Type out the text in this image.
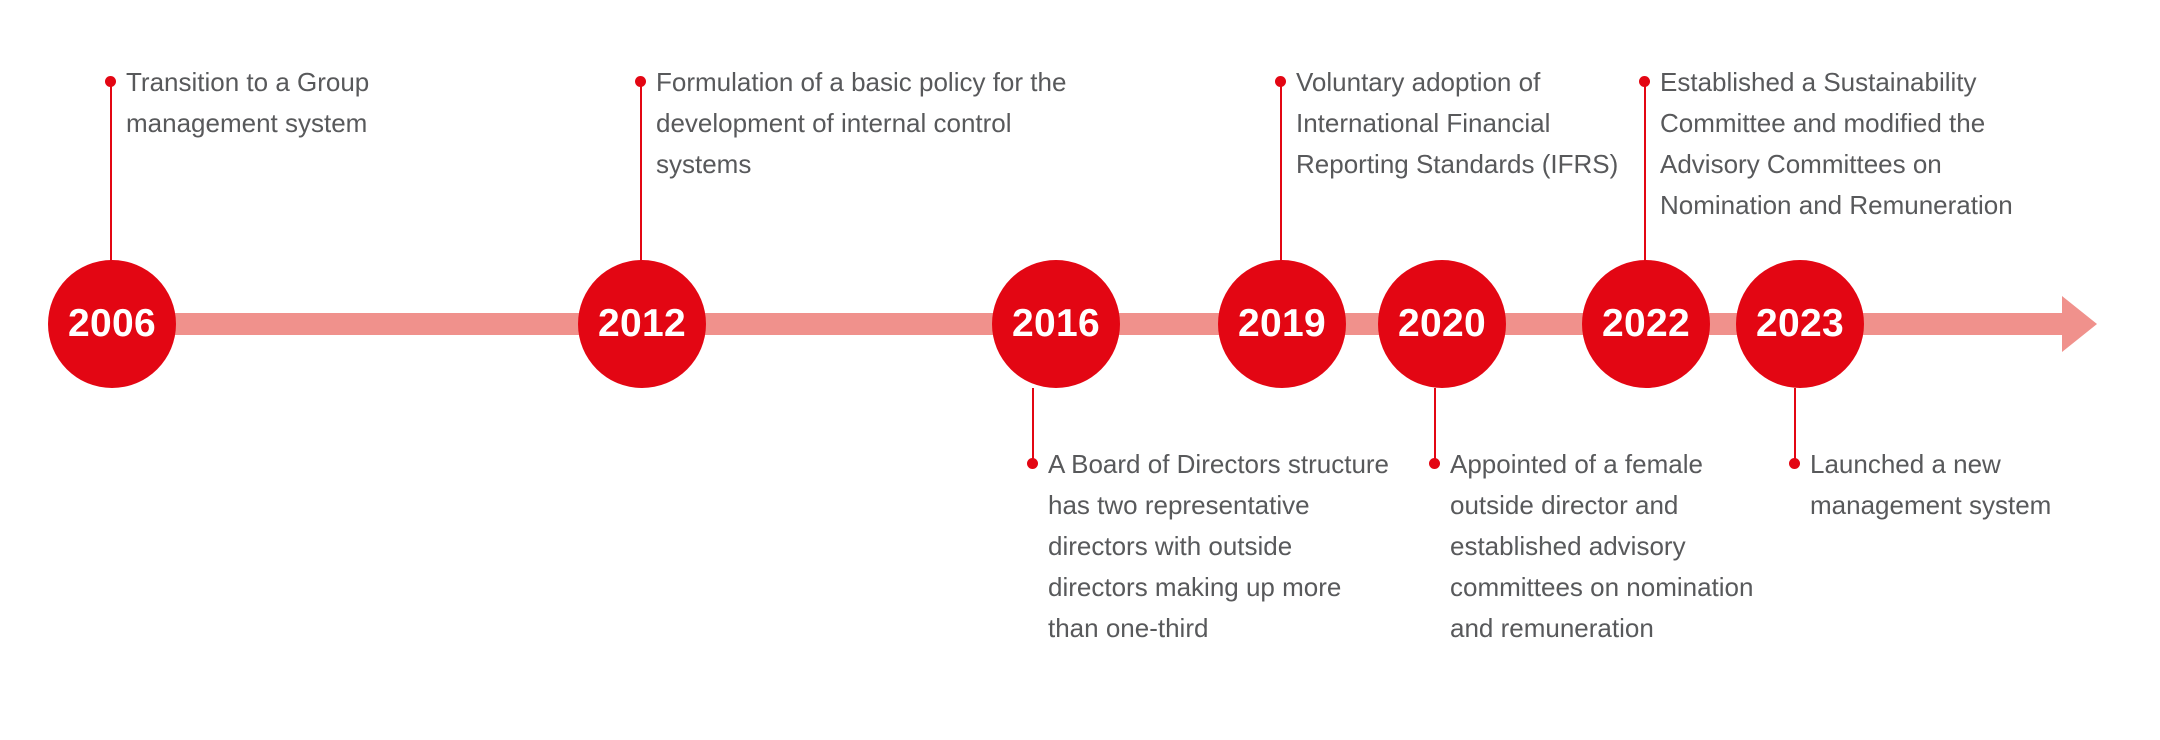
2006
Transition to a Group management system
2012
Formulation of a basic policy for the development of internal control systems
2016
A Board of Directors structure has two representative directors with outside directors making up more than one-third
2019
Voluntary adoption of International Financial Reporting Standards (IFRS)
2020
Appointed of a female outside director and established advisory committees on nomination and remuneration
2022
Established a Sustainability Committee and modified the Advisory Committees on Nomination and Remuneration
2023
Launched a new management system
